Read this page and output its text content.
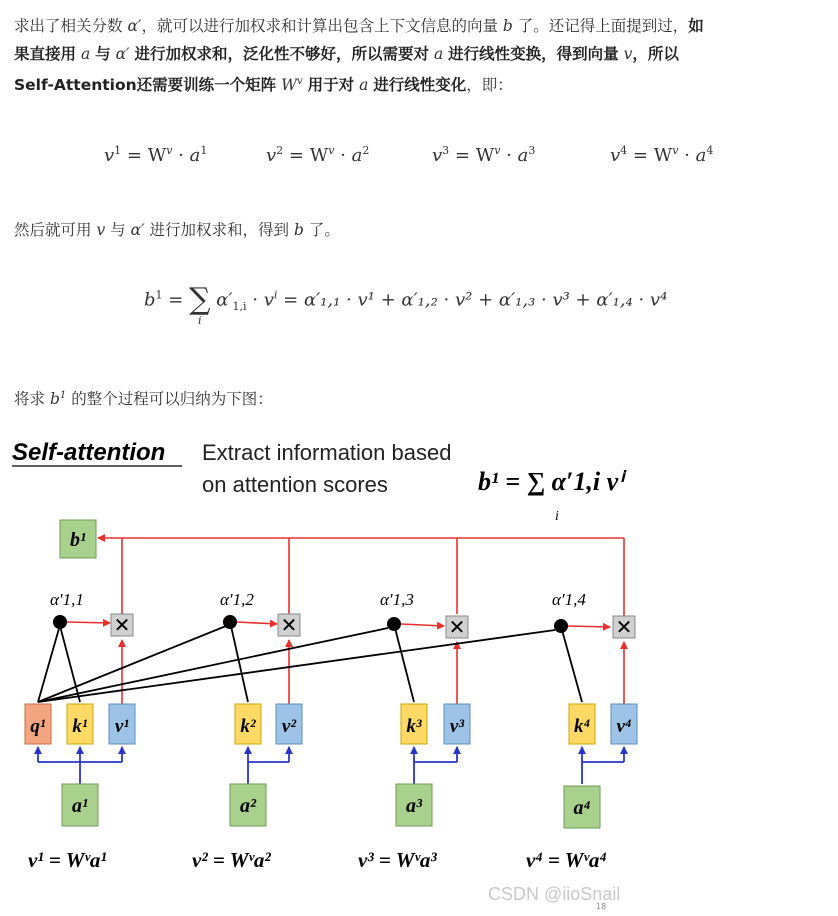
求出了相关分数 α′，就可以进行加权求和计算出包含上下文信息的向量 b 了。还记得上面提到过，如
果直接用 a 与 α′ 进行加权求和，泛化性不够好，所以需要对 a 进行线性变换，得到向量 v，所以
Self-Attention还需要训练一个矩阵 $W^v$ 用于对 a 进行线性变化，即：
$v^1 = W^v \cdot a^1$	$v^2 = W^v \cdot a^2$	$v^3 = W^v \cdot a^3$	$v^4 = W^v \cdot a^4$
然后就可用 v 与 α′ 进行加权求和，得到 b 了。
$b^1$ = ∑
i
$\alpha'_{1,i} \cdot v^i = \alpha'_1,_1 \cdot v^1 + \alpha'_1,_2 \cdot v^2 + \alpha'_1,_3 \cdot v^3 + \alpha'_1,_4 \cdot v^4$
将求 $b^1$ 的整个过程可以归纳为下图：
Self-attention Extract information based
on attention scores	b¹ = ∑ α′1,i vⁱ
i
b¹
α′1,1	α′1,2	α′1,3	α′1,4
✕	✕	✕	✕
q¹ k¹	k²	k³	k⁴
v¹	v²	v³	v⁴
a¹	a²	a³	a⁴
v¹ = Wᵛa¹	v² = Wᵛa²	v³ = Wᵛa³	v⁴ = Wᵛa⁴
CSDN @iioSnail
18
